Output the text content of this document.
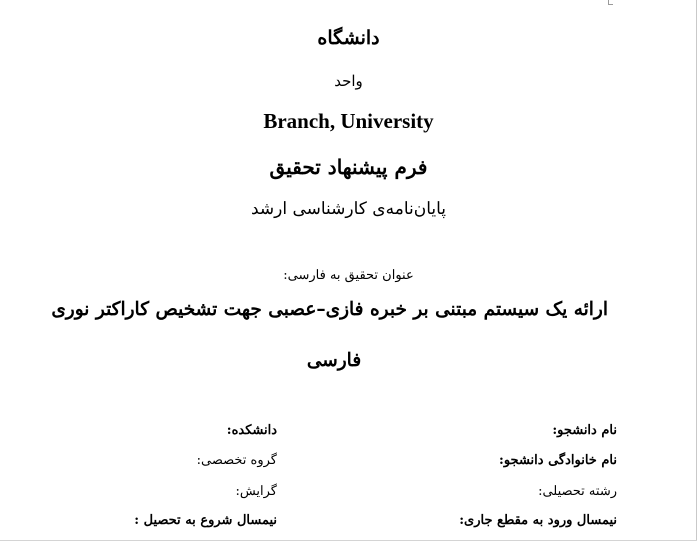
دانشگاه
واحد
Branch, University
فرم پیشنهاد تحقیق
پایان‌نامه‌ی کارشناسی ارشد
عنوان تحقیق به فارسی:
ارائه یک سیستم مبتنی بر خبره فازی–عصبی جهت تشخیص کاراکتر نوری
فارسی
نام دانشجو:
نام خانوادگی دانشجو:
رشته تحصیلی:
نیمسال ورود به مقطع جاری:
دانشکده:
گروه تخصصی:
گرایش:
نیمسال شروع به تحصیل :
